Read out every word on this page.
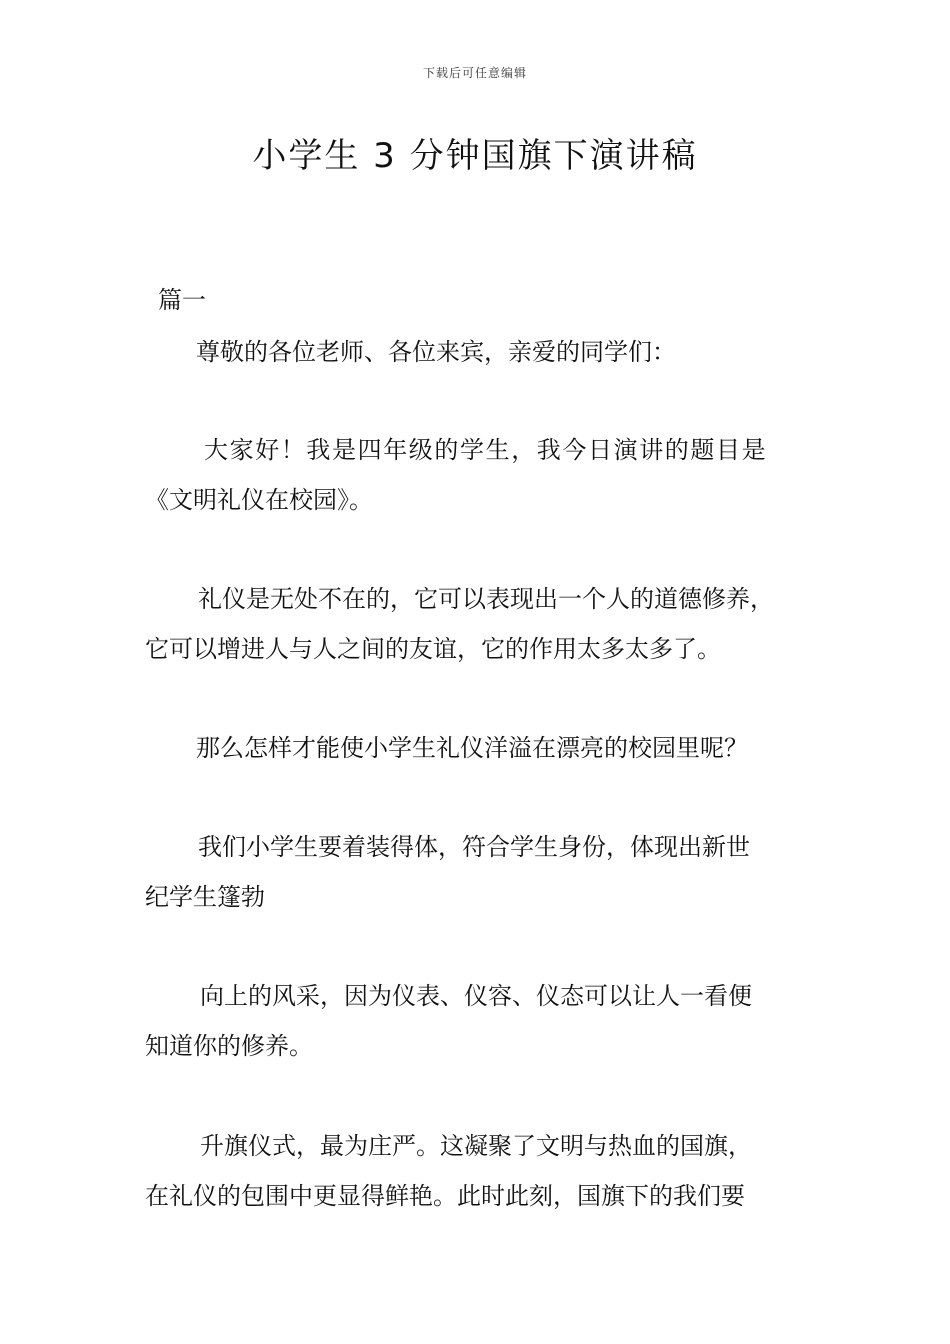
下载后可任意编辑
小学生 3 分钟国旗下演讲稿
篇一
尊敬的各位老师、各位来宾，亲爱的同学们：
大家好！我是四年级的学生，我今日演讲的题目是
《文明礼仪在校园》。
礼仪是无处不在的，它可以表现出一个人的道德修养，
它可以增进人与人之间的友谊，它的作用太多太多了。
那么怎样才能使小学生礼仪洋溢在漂亮的校园里呢？
我们小学生要着装得体，符合学生身份，体现出新世
纪学生篷勃
向上的风采，因为仪表、仪容、仪态可以让人一看便
知道你的修养。
升旗仪式，最为庄严。这凝聚了文明与热血的国旗，
在礼仪的包围中更显得鲜艳。此时此刻，国旗下的我们要
